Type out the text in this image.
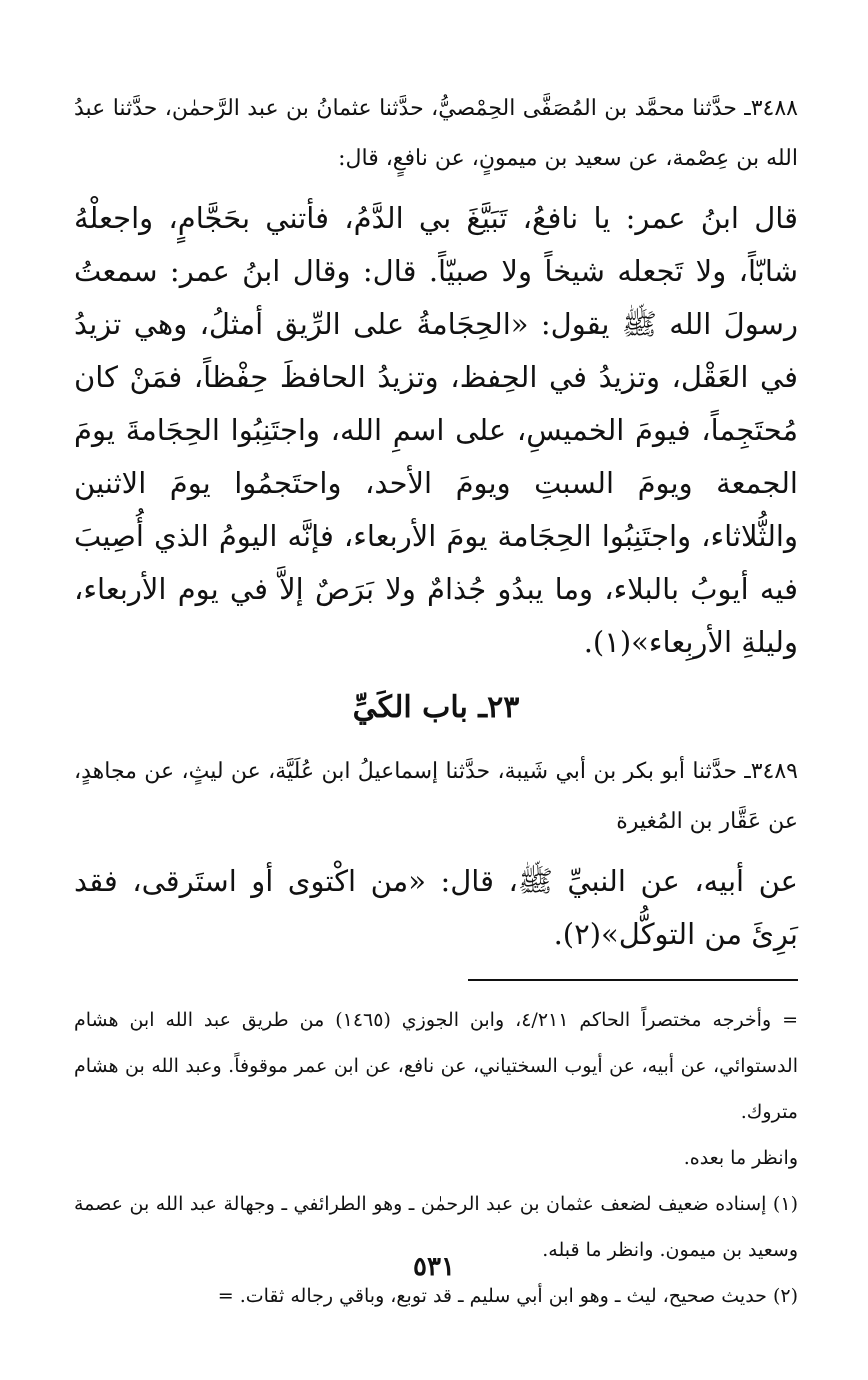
٣٤٨٨ـ حدَّثنا محمَّد بن المُصَفَّى الحِمْصيُّ، حدَّثنا عثمانُ بن عبد الرَّحمٰن، حدَّثنا عبدُ الله بن عِصْمة، عن سعيد بن ميمونٍ، عن نافعٍ، قال:

قال ابنُ عمر: يا نافعُ، تَبَيَّغَ بي الدَّمُ، فأتني بحَجَّامٍ، واجعلْهُ شابّاً، ولا تَجعله شيخاً ولا صبيّاً. قال: وقال ابنُ عمر: سمعتُ رسولَ الله ﷺ يقول: «الحِجَامةُ على الرِّيق أمثلُ، وهي تزيدُ في العَقْل، وتزيدُ في الحِفظ، وتزيدُ الحافظَ حِفْظاً، فمَنْ كان مُحتَجِماً، فيومَ الخميسِ، على اسمِ الله، واجتَنِبُوا الحِجَامةَ يومَ الجمعة ويومَ السبتِ ويومَ الأحد، واحتَجمُوا يومَ الاثنين والثُّلاثاء، واجتَنِبُوا الحِجَامة يومَ الأربعاء، فإنَّه اليومُ الذي أُصِيبَ فيه أيوبُ بالبلاء، وما يبدُو جُذامٌ ولا بَرَصٌ إلاَّ في يوم الأربعاء، وليلةِ الأربِعاء»(١).

٢٣ـ باب الكَيِّ

٣٤٨٩ـ حدَّثنا أبو بكر بن أبي شَيبة، حدَّثنا إسماعيلُ ابن عُلَيَّة، عن ليثٍ، عن مجاهدٍ، عن عَقَّار بن المُغيرة

عن أبيه، عن النبيِّ ﷺ، قال: «من اكْتوى أو استَرقى، فقد بَرِئَ من التوكُّل»(٢).

= وأخرجه مختصراً الحاكم ٤/٢١١، وابن الجوزي (١٤٦٥) من طريق عبد الله ابن هشام الدستوائي، عن أبيه، عن أيوب السختياني، عن نافع، عن ابن عمر موقوفاً. وعبد الله بن هشام متروك.

وانظر ما بعده.

(١) إسناده ضعيف لضعف عثمان بن عبد الرحمٰن ـ وهو الطرائفي ـ وجهالة عبد الله بن عصمة وسعيد بن ميمون. وانظر ما قبله.

(٢) حديث صحيح، ليث ـ وهو ابن أبي سليم ـ قد توبع، وباقي رجاله ثقات. =

٥٣١
